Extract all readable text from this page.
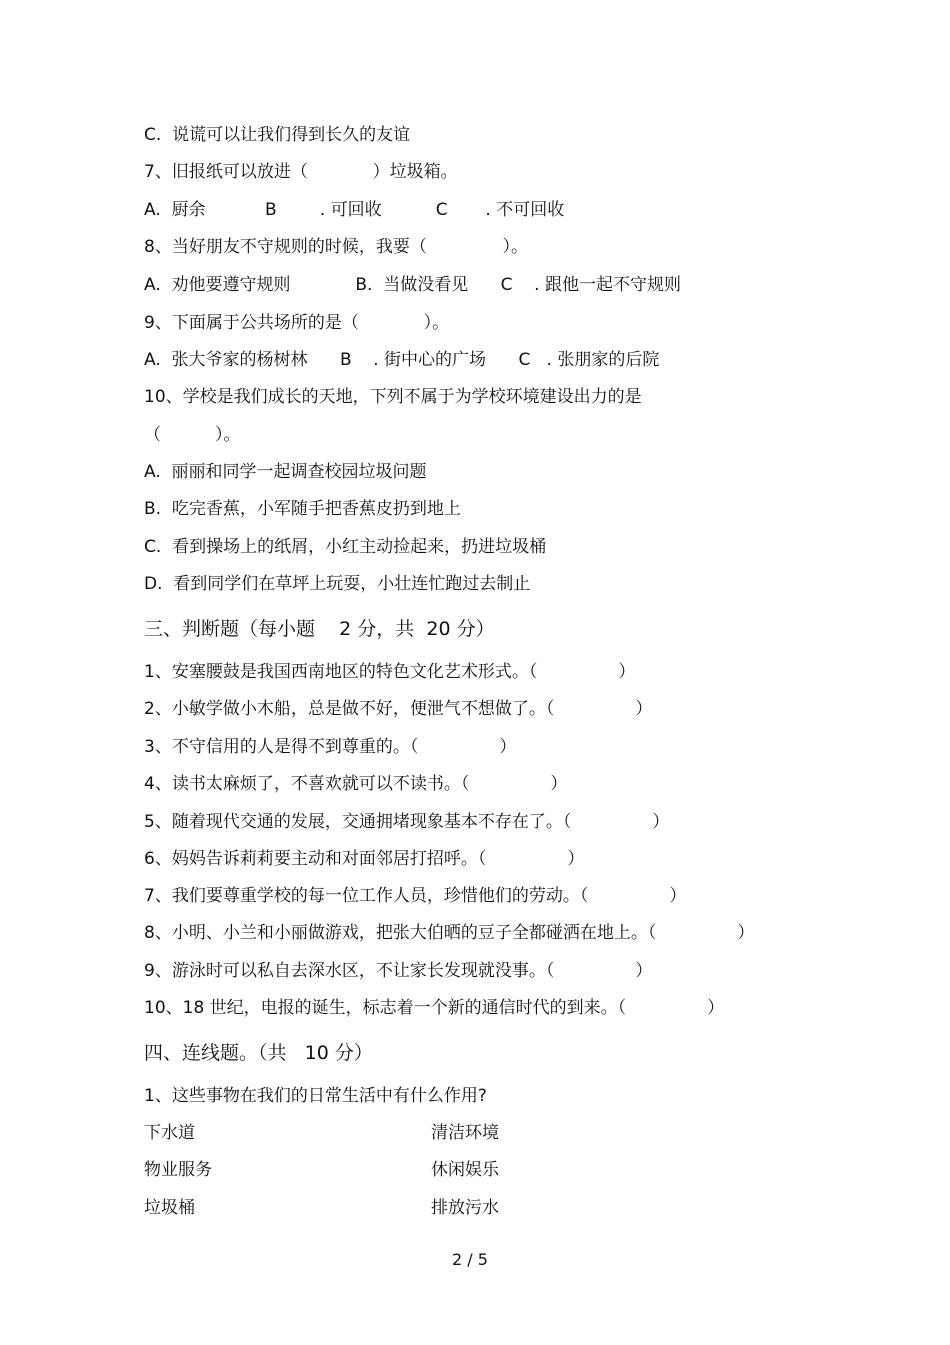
C.  说谎可以让我们得到长久的友谊
7、旧报纸可以放进（            ）垃圾箱。
A.  厨余           B        . 可回收          C       . 不可回收
8、当好朋友不守规则的时候，我要（              ）。
A.  劝他要遵守规则            B.  当做没看见      C    . 跟他一起不守规则
9、下面属于公共场所的是（            ）。
A.  张大爷家的杨树林      B    . 街中心的广场      C   . 张朋家的后院
10、学校是我们成长的天地，下列不属于为学校环境建设出力的是
（          ）。
A.  丽丽和同学一起调查校园垃圾问题
B.  吃完香蕉，小军随手把香蕉皮扔到地上
C.  看到操场上的纸屑，小红主动捡起来，扔进垃圾桶
D.  看到同学们在草坪上玩耍，小壮连忙跑过去制止
三、判断题（每小题    2 分，共  20 分）
1、安塞腰鼓是我国西南地区的特色文化艺术形式。（               ）
2、小敏学做小木船，总是做不好，便泄气不想做了。（               ）
3、不守信用的人是得不到尊重的。（               ）
4、读书太麻烦了，不喜欢就可以不读书。（               ）
5、随着现代交通的发展，交通拥堵现象基本不存在了。（               ）
6、妈妈告诉莉莉要主动和对面邻居打招呼。（               ）
7、我们要尊重学校的每一位工作人员，珍惜他们的劳动。（               ）
8、小明、小兰和小丽做游戏，把张大伯晒的豆子全都碰洒在地上。（               ）
9、游泳时可以私自去深水区，不让家长发现就没事。（               ）
10、18 世纪，电报的诞生，标志着一个新的通信时代的到来。（               ）
四、连线题。（共   10 分）
1、这些事物在我们的日常生活中有什么作用?
下水道	清洁环境
物业服务	休闲娱乐
垃圾桶	排放污水
2 / 5
